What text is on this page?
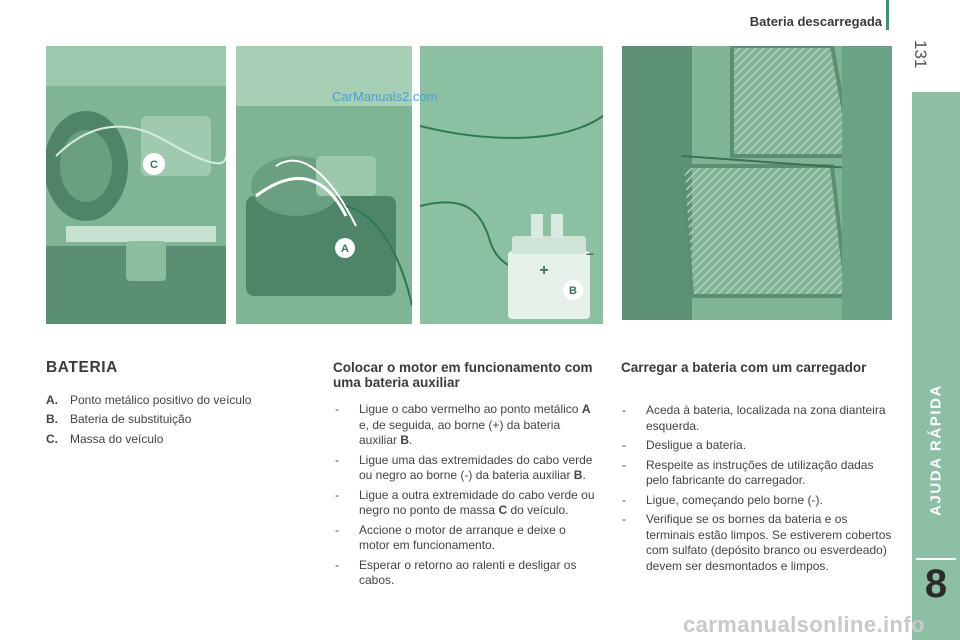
Bateria descarregada
131
AJUDA RÁPIDA
8
C
A
+
–
B
CarManuals2.com
BATERIA
A.	Ponto metálico positivo do veículo
B.	Bateria de substituição
C.	Massa do veículo
Colocar o motor em funcionamento com uma bateria auxiliar
- Ligue o cabo vermelho ao ponto metálico A e, de seguida, ao borne (+) da bateria auxiliar B.
- Ligue uma das extremidades do cabo verde ou negro ao borne (-) da bateria auxiliar B.
- Ligue a outra extremidade do cabo verde ou negro no ponto de massa C do veículo.
- Accione o motor de arranque e deixe o motor em funcionamento.
- Esperar o retorno ao ralenti e desligar os cabos.
Carregar a bateria com um carregador
- Aceda à bateria, localizada na zona dianteira esquerda.
- Desligue a bateria.
- Respeite as instruções de utilização dadas pelo fabricante do carregador.
- Ligue, começando pelo borne (-).
- Verifique se os bornes da bateria e os terminais estão limpos. Se estiverem cobertos com sulfato (depósito branco ou esverdeado) devem ser desmontados e limpos.
carmanualsonline.info
